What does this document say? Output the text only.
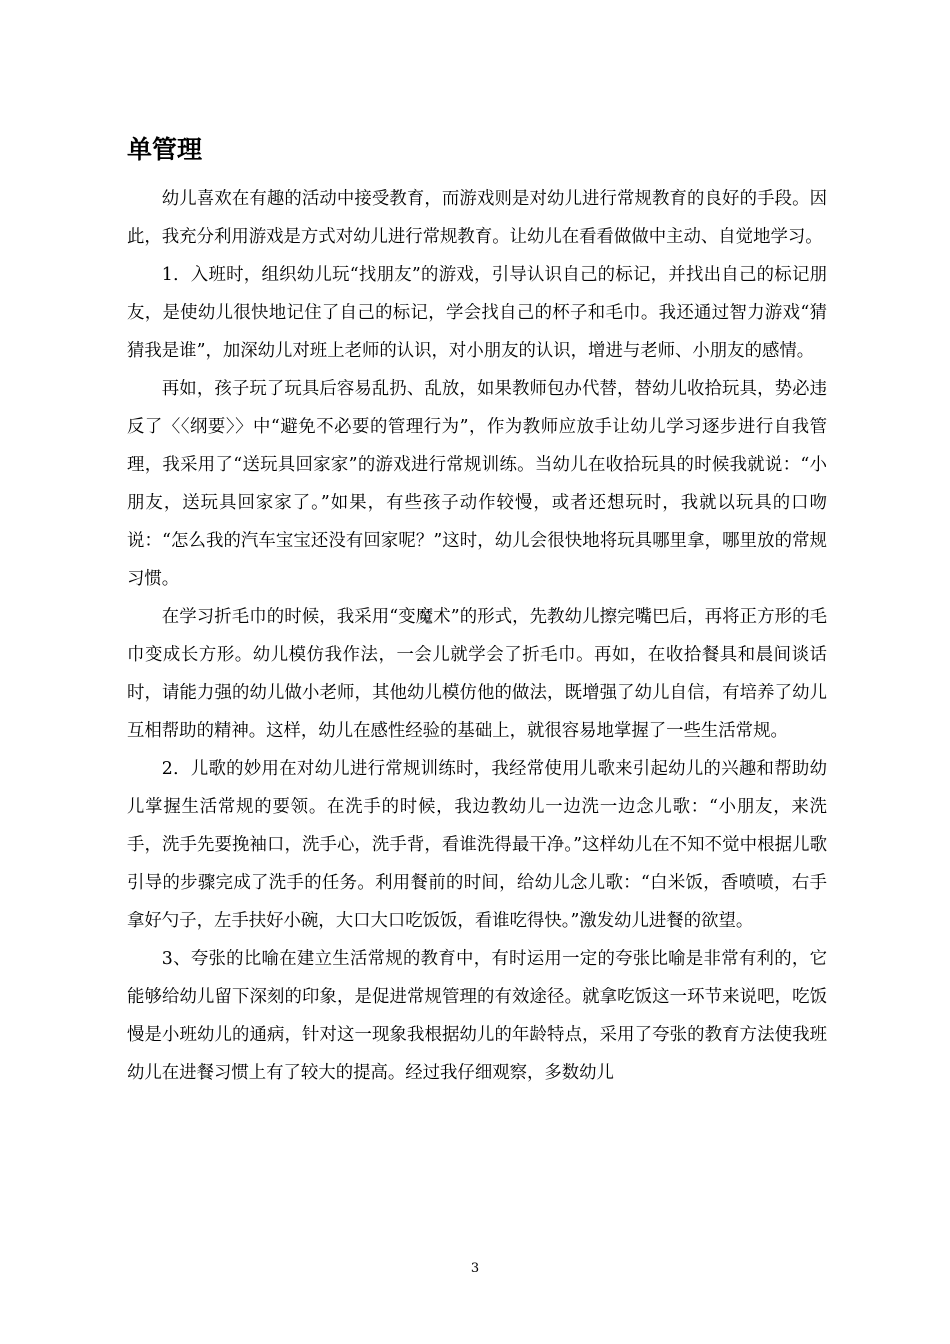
单管理

幼儿喜欢在有趣的活动中接受教育，而游戏则是对幼儿进行常规教育的良好的手段。因此，我充分利用游戏是方式对幼儿进行常规教育。让幼儿在看看做做中主动、自觉地学习。

1．入班时，组织幼儿玩“找朋友”的游戏，引导认识自己的标记，并找出自己的标记朋友，是使幼儿很快地记住了自己的标记，学会找自己的杯子和毛巾。我还通过智力游戏“猜猜我是谁”，加深幼儿对班上老师的认识，对小朋友的认识，增进与老师、小朋友的感情。

再如，孩子玩了玩具后容易乱扔、乱放，如果教师包办代替，替幼儿收拾玩具，势必违反了〈〈纲要〉〉中“避免不必要的管理行为”，作为教师应放手让幼儿学习逐步进行自我管理，我采用了“送玩具回家家”的游戏进行常规训练。当幼儿在收拾玩具的时候我就说：“小朋友，送玩具回家家了。”如果，有些孩子动作较慢，或者还想玩时，我就以玩具的口吻说：“怎么我的汽车宝宝还没有回家呢？”这时，幼儿会很快地将玩具哪里拿，哪里放的常规习惯。

在学习折毛巾的时候，我采用“变魔术”的形式，先教幼儿擦完嘴巴后，再将正方形的毛巾变成长方形。幼儿模仿我作法，一会儿就学会了折毛巾。再如，在收拾餐具和晨间谈话时，请能力强的幼儿做小老师，其他幼儿模仿他的做法，既增强了幼儿自信，有培养了幼儿互相帮助的精神。这样，幼儿在感性经验的基础上，就很容易地掌握了一些生活常规。

2．儿歌的妙用在对幼儿进行常规训练时，我经常使用儿歌来引起幼儿的兴趣和帮助幼儿掌握生活常规的要领。在洗手的时候，我边教幼儿一边洗一边念儿歌：“小朋友，来洗手，洗手先要挽袖口，洗手心，洗手背，看谁洗得最干净。”这样幼儿在不知不觉中根据儿歌引导的步骤完成了洗手的任务。利用餐前的时间，给幼儿念儿歌：“白米饭，香喷喷，右手拿好勺子，左手扶好小碗，大口大口吃饭饭，看谁吃得快。”激发幼儿进餐的欲望。

3、夸张的比喻在建立生活常规的教育中，有时运用一定的夸张比喻是非常有利的，它能够给幼儿留下深刻的印象，是促进常规管理的有效途径。就拿吃饭这一环节来说吧，吃饭慢是小班幼儿的通病，针对这一现象我根据幼儿的年龄特点，采用了夸张的教育方法使我班幼儿在进餐习惯上有了较大的提高。经过我仔细观察，多数幼儿

3
